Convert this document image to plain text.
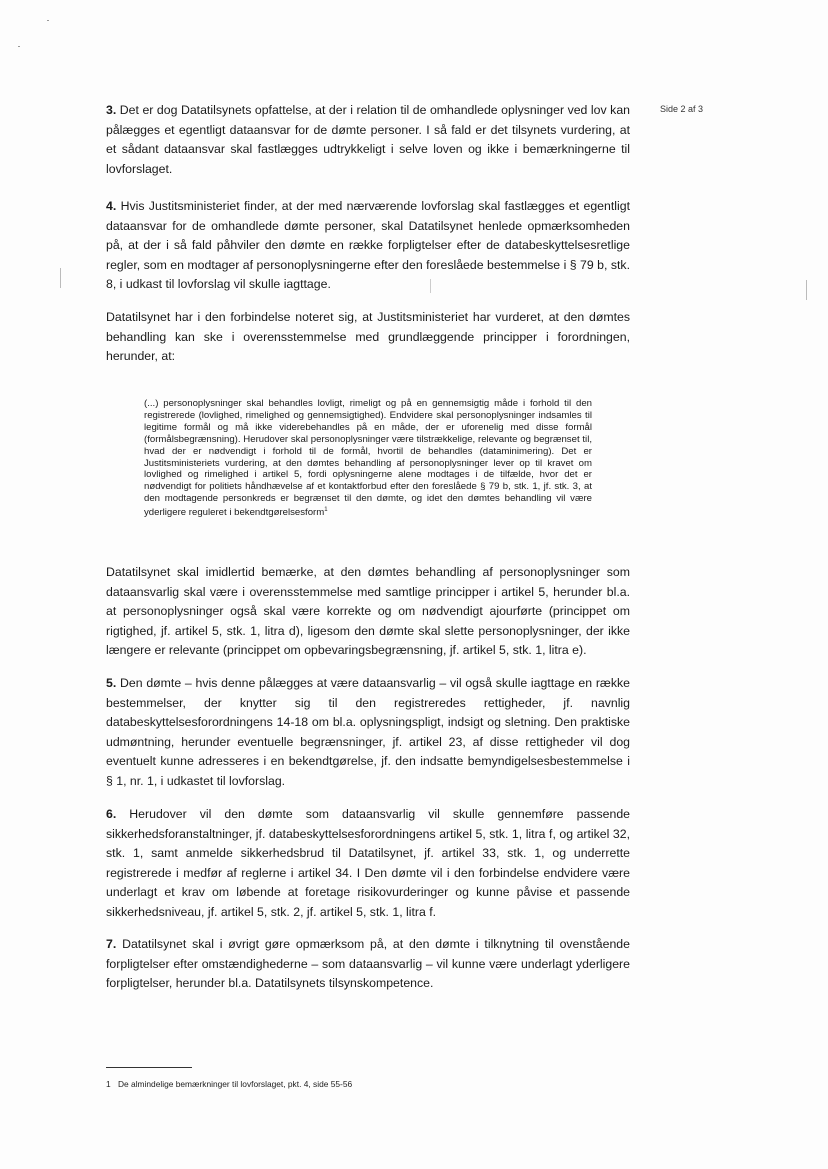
Side 2 af 3

3. Det er dog Datatilsynets opfattelse, at der i relation til de omhandlede oplysninger ved lov kan pålægges et egentligt dataansvar for de dømte personer. I så fald er det tilsynets vurdering, at et sådant dataansvar skal fastlægges udtrykkeligt i selve loven og ikke i bemærkningerne til lovforslaget.

4. Hvis Justitsministeriet finder, at der med nærværende lovforslag skal fastlægges et egentligt dataansvar for de omhandlede dømte personer, skal Datatilsynet henlede opmærksomheden på, at der i så fald påhviler den dømte en række forpligtelser efter de databeskyttelsesretlige regler, som en modtager af personoplysningerne efter den foreslåede bestemmelse i § 79 b, stk. 8, i udkast til lovforslag vil skulle iagttage.

Datatilsynet har i den forbindelse noteret sig, at Justitsministeriet har vurderet, at den dømtes behandling kan ske i overensstemmelse med grundlæggende principper i forordningen, herunder, at:

(...) personoplysninger skal behandles lovligt, rimeligt og på en gennemsigtig måde i forhold til den registrerede (lovlighed, rimelighed og gennemsigtighed). Endvidere skal personoplysninger indsamles til legitime formål og må ikke viderebehandles på en måde, der er uforenelig med disse formål (formålsbegrænsning). Herudover skal personoplysninger være tilstrækkelige, relevante og begrænset til, hvad der er nødvendigt i forhold til de formål, hvortil de behandles (dataminimering). Det er Justitsministeriets vurdering, at den dømtes behandling af personoplysninger lever op til kravet om lovlighed og rimelighed i artikel 5, fordi oplysningerne alene modtages i de tilfælde, hvor det er nødvendigt for politiets håndhævelse af et kontaktforbud efter den foreslåede § 79 b, stk. 1, jf. stk. 3, at den modtagende personkreds er begrænset til den dømte, og idet den dømtes behandling vil være yderligere reguleret i bekendtgørelsesform$^1$

Datatilsynet skal imidlertid bemærke, at den dømtes behandling af personoplysninger som dataansvarlig skal være i overensstemmelse med samtlige principper i artikel 5, herunder bl.a. at personoplysninger også skal være korrekte og om nødvendigt ajourførte (princippet om rigtighed, jf. artikel 5, stk. 1, litra d), ligesom den dømte skal slette personoplysninger, der ikke længere er relevante (princippet om opbevaringsbegrænsning, jf. artikel 5, stk. 1, litra e).

5. Den dømte – hvis denne pålægges at være dataansvarlig – vil også skulle iagttage en række bestemmelser, der knytter sig til den registreredes rettigheder, jf. navnlig databeskyttelsesforordningens 14-18 om bl.a. oplysningspligt, indsigt og sletning. Den praktiske udmøntning, herunder eventuelle begrænsninger, jf. artikel 23, af disse rettigheder vil dog eventuelt kunne adresseres i en bekendtgørelse, jf. den indsatte bemyndigelsesbestemmelse i § 1, nr. 1, i udkastet til lovforslag.

6. Herudover vil den dømte som dataansvarlig vil skulle gennemføre passende sikkerhedsforanstaltninger, jf. databeskyttelsesforordningens artikel 5, stk. 1, litra f, og artikel 32, stk. 1, samt anmelde sikkerhedsbrud til Datatilsynet, jf. artikel 33, stk. 1, og underrette registrerede i medfør af reglerne i artikel 34. I Den dømte vil i den forbindelse endvidere være underlagt et krav om løbende at foretage risikovurderinger og kunne påvise et passende sikkerhedsniveau, jf. artikel 5, stk. 2, jf. artikel 5, stk. 1, litra f.

7. Datatilsynet skal i øvrigt gøre opmærksom på, at den dømte i tilknytning til ovenstående forpligtelser efter omstændighederne – som dataansvarlig – vil kunne være underlagt yderligere forpligtelser, herunder bl.a. Datatilsynets tilsynskompetence.

1 De almindelige bemærkninger til lovforslaget, pkt. 4, side 55-56
